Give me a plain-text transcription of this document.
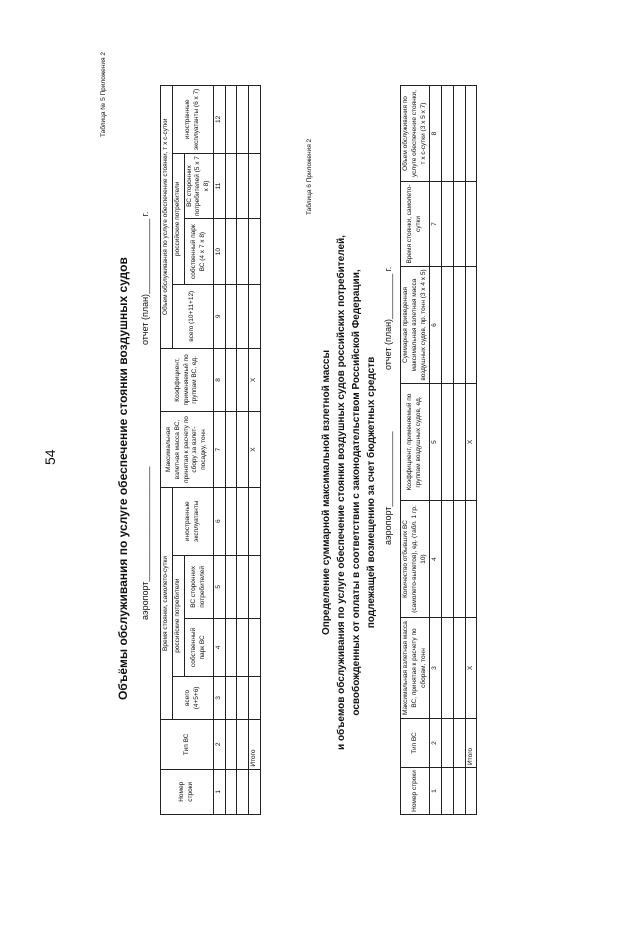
54
Таблица № 5 Приложения 2
Объёмы обслуживания по услуге обеспечение стоянки воздушных судов аэропорт_______________________
отчет (план)_______________ г.
Номер строки	Тип ВС	Время стоянки, самолето-сутки				Максимальная взлетная масса ВС, принятая к расчету по сбору за взлет-посадку, тонн	Коэффициент, применяемый по группам ВС, ед.	Объем обслуживания по услуге обеспечение стоянки, т х с-сутки			
		всего (4+5+6)	российские потребители		иностранные эксплуатанты			всего (10+11+12)	российские потребители		иностранные эксплуатанты (6 х 7)
			собственный парк ВС	ВС сторонних потребителей					собственный парк ВС (4 х 7 х 8)	ВС сторонних потребителей (5 х 7 х 8)	
1	2	3	4	5	6	7	8	9	10	11	12

	Итого					Х	Х				
Таблица 6 Приложения 2
Определение суммарной максимальной взлетной массы и объемов обслуживания по услуге обеспечение стоянки воздушных судов российских потребителей, освобожденных от оплаты в соответствии с законодательством Российской Федерации, подлежащей возмещению за счет бюджетных средств аэропорт_______________
отчет (план)_________ г.
Номер строки	Тип ВС	Максимальная взлетная масса ВС, принятая к расчету по сборам, тонн	Количество отбывших ВС (самолето-вылетов), ед. (табл. 1 гр. 10)	Коэффициент, применяемый по группам воздушных судов, ед.	Суммарная приведенная максимальная взлетная масса воздушных судов, пр. тонн (3 х 4 х 5)	Время стоянки, самолето-сутки	Объем обслуживания по услуге обеспечение стоянки, т х с-сутки (3 х 5 х 7)
1	2	3	4	5	6	7	8

	Итого	Х		Х			
